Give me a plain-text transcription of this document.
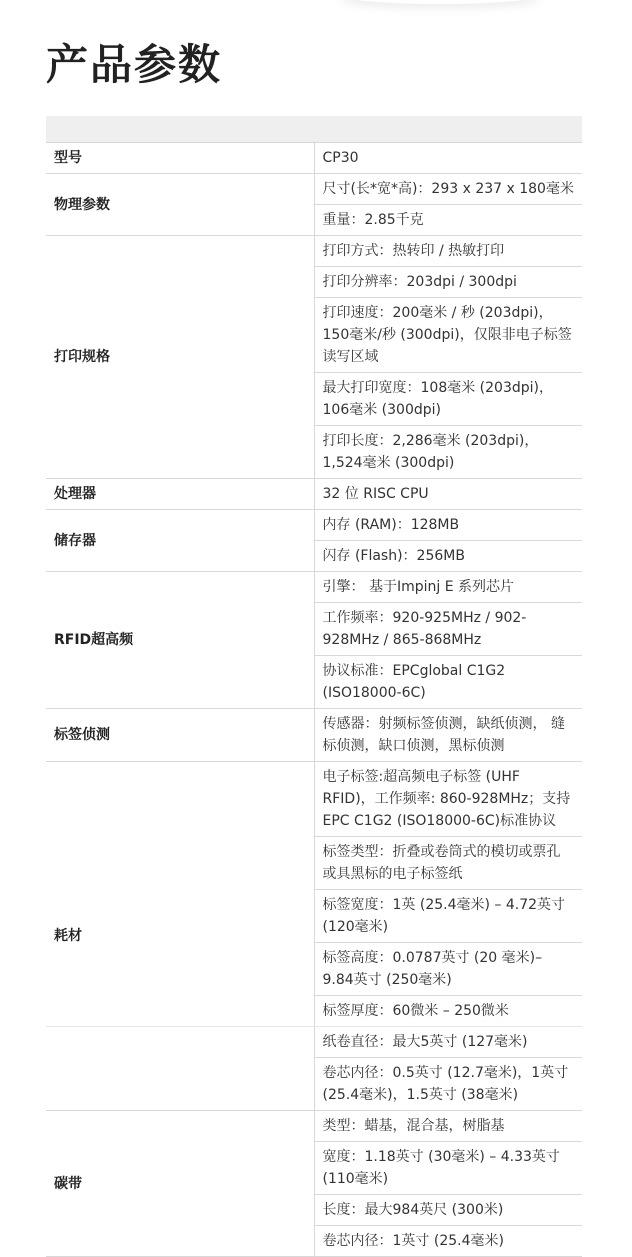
产品参数

型号	CP30
物理参数	尺寸(长*宽*高)：293 x 237 x 180毫米
	重量：2.85千克
打印规格	打印方式：热转印 / 热敏打印
	打印分辨率：203dpi / 300dpi
	打印速度：200毫米 / 秒 (203dpi)，150毫米/秒 (300dpi)，仅限非电子标签读写区域
	最大打印宽度：108毫米 (203dpi)，106毫米 (300dpi)
	打印长度：2,286毫米 (203dpi)，1,524毫米 (300dpi)
处理器	32 位 RISC CPU
储存器	内存 (RAM)：128MB
	闪存 (Flash)：256MB
RFID超高频	引擎： 基于Impinj E 系列芯片
	工作频率：920-925MHz / 902-928MHz / 865-868MHz
	协议标准：EPCglobal C1G2 (ISO18000-6C)
标签侦测	传感器：射频标签侦测，缺纸侦测， 缝标侦测，缺口侦测，黑标侦测
耗材	电子标签:超高频电子标签 (UHF RFID)，工作频率: 860-928MHz；支持EPC C1G2 (ISO18000-6C)标准协议
	标签类型：折叠或卷筒式的模切或票孔或具黑标的电子标签纸
	标签宽度：1英 (25.4毫米) – 4.72英寸 (120毫米)
	标签高度：0.0787英寸 (20 毫米)– 9.84英寸 (250毫米)
	标签厚度：60微米 – 250微米
	纸卷直径：最大5英寸 (127毫米)
	卷芯内径：0.5英寸 (12.7毫米)，1英寸 (25.4毫米)，1.5英寸 (38毫米)
碳带	类型：蜡基，混合基，树脂基
	宽度：1.18英寸 (30毫米) – 4.33英寸 (110毫米)
	长度：最大984英尺 (300米)
	卷芯内径：1英寸 (25.4毫米)
